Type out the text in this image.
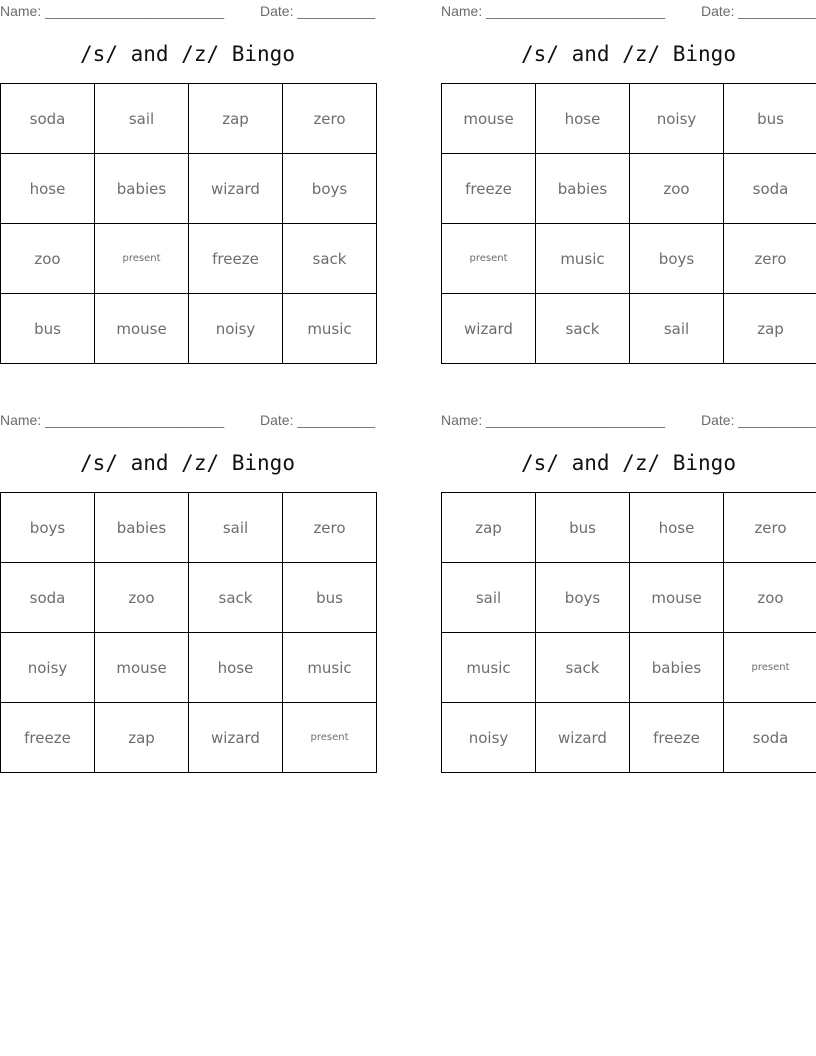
Name: _______________________	Date: __________
/s/ and /z/ Bingo
soda	sail	zap	zero
hose	babies	wizard	boys
zoo	present	freeze	sack
bus	mouse	noisy	music
Name: _______________________	Date: __________
/s/ and /z/ Bingo
mouse	hose	noisy	bus
freeze	babies	zoo	soda
present	music	boys	zero
wizard	sack	sail	zap
Name: _______________________	Date: __________
/s/ and /z/ Bingo
boys	babies	sail	zero
soda	zoo	sack	bus
noisy	mouse	hose	music
freeze	zap	wizard	present
Name: _______________________	Date: __________
/s/ and /z/ Bingo
zap	bus	hose	zero
sail	boys	mouse	zoo
music	sack	babies	present
noisy	wizard	freeze	soda
